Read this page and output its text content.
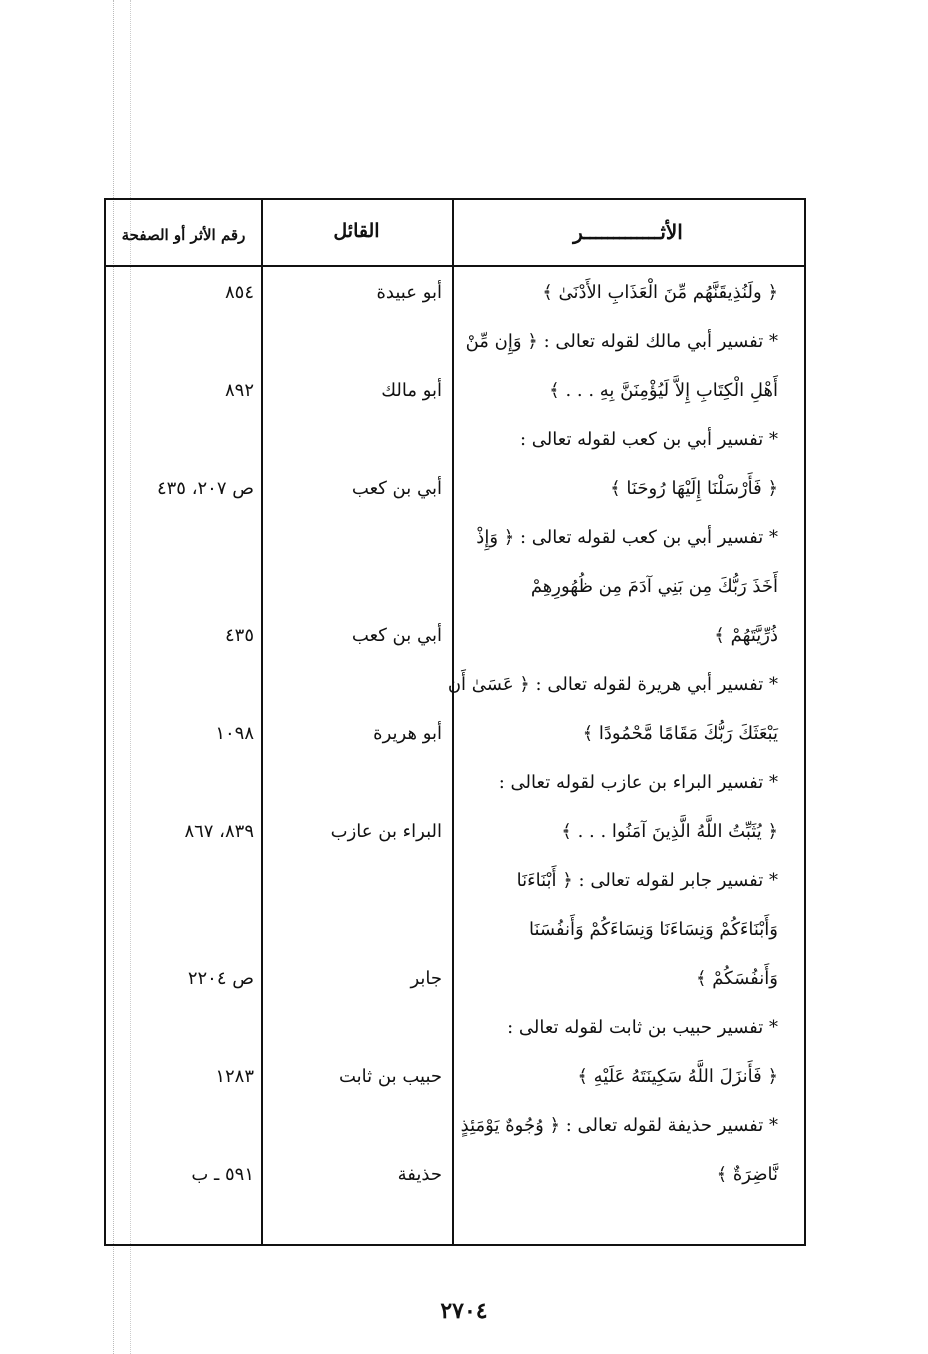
رقم الأثر أو الصفحة	القائل	الأثـــــــــــــر
﴿ ولَنُذِيقَنَّهُم مِّنَ الْعَذَابِ الأَدْنَىٰ ﴾
أبو عبيدة
٨٥٤
* تفسير أبي مالك لقوله تعالى : ﴿ وَإِن مِّنْ
أَهْلِ الْكِتَابِ إِلاَّ لَيُؤْمِنَنَّ بِهِ . . . ﴾
أبو مالك
٨٩٢
* تفسير أبي بن كعب لقوله تعالى :
﴿ فَأَرْسَلْنَا إِلَيْهَا رُوحَنَا ﴾
أبي بن كعب
ص ٢٠٧، ٤٣٥
* تفسير أبي بن كعب لقوله تعالى : ﴿ وَإِذْ
أَخَذَ رَبُّكَ مِن بَنِي آدَمَ مِن ظُهُورِهِمْ
ذُرِّيَّتَهُمْ ﴾
أبي بن كعب
٤٣٥
* تفسير أبي هريرة لقوله تعالى : ﴿ عَسَىٰ أَن
يَبْعَثَكَ رَبُّكَ مَقَامًا مَّحْمُودًا ﴾
أبو هريرة
١٠٩٨
* تفسير البراء بن عازب لقوله تعالى :
﴿ يُثَبِّتُ اللَّهُ الَّذِينَ آمَنُوا . . . ﴾
البراء بن عازب
٨٣٩، ٨٦٧
* تفسير جابر لقوله تعالى : ﴿ أَبْنَاءَنَا
وَأَبْنَاءَكُمْ وَنِسَاءَنَا وَنِسَاءَكُمْ وَأَنفُسَنَا
وَأَنفُسَكُمْ ﴾
جابر
ص ٢٢٠٤
* تفسير حبيب بن ثابت لقوله تعالى :
﴿ فَأَنزَلَ اللَّهُ سَكِينَتَهُ عَلَيْهِ ﴾
حبيب بن ثابت
١٢٨٣
* تفسير حذيفة لقوله تعالى : ﴿ وُجُوهٌ يَوْمَئِذٍ
نَّاضِرَةٌ ﴾
حذيفة
٥٩١ ـ ب
٢٧٠٤
